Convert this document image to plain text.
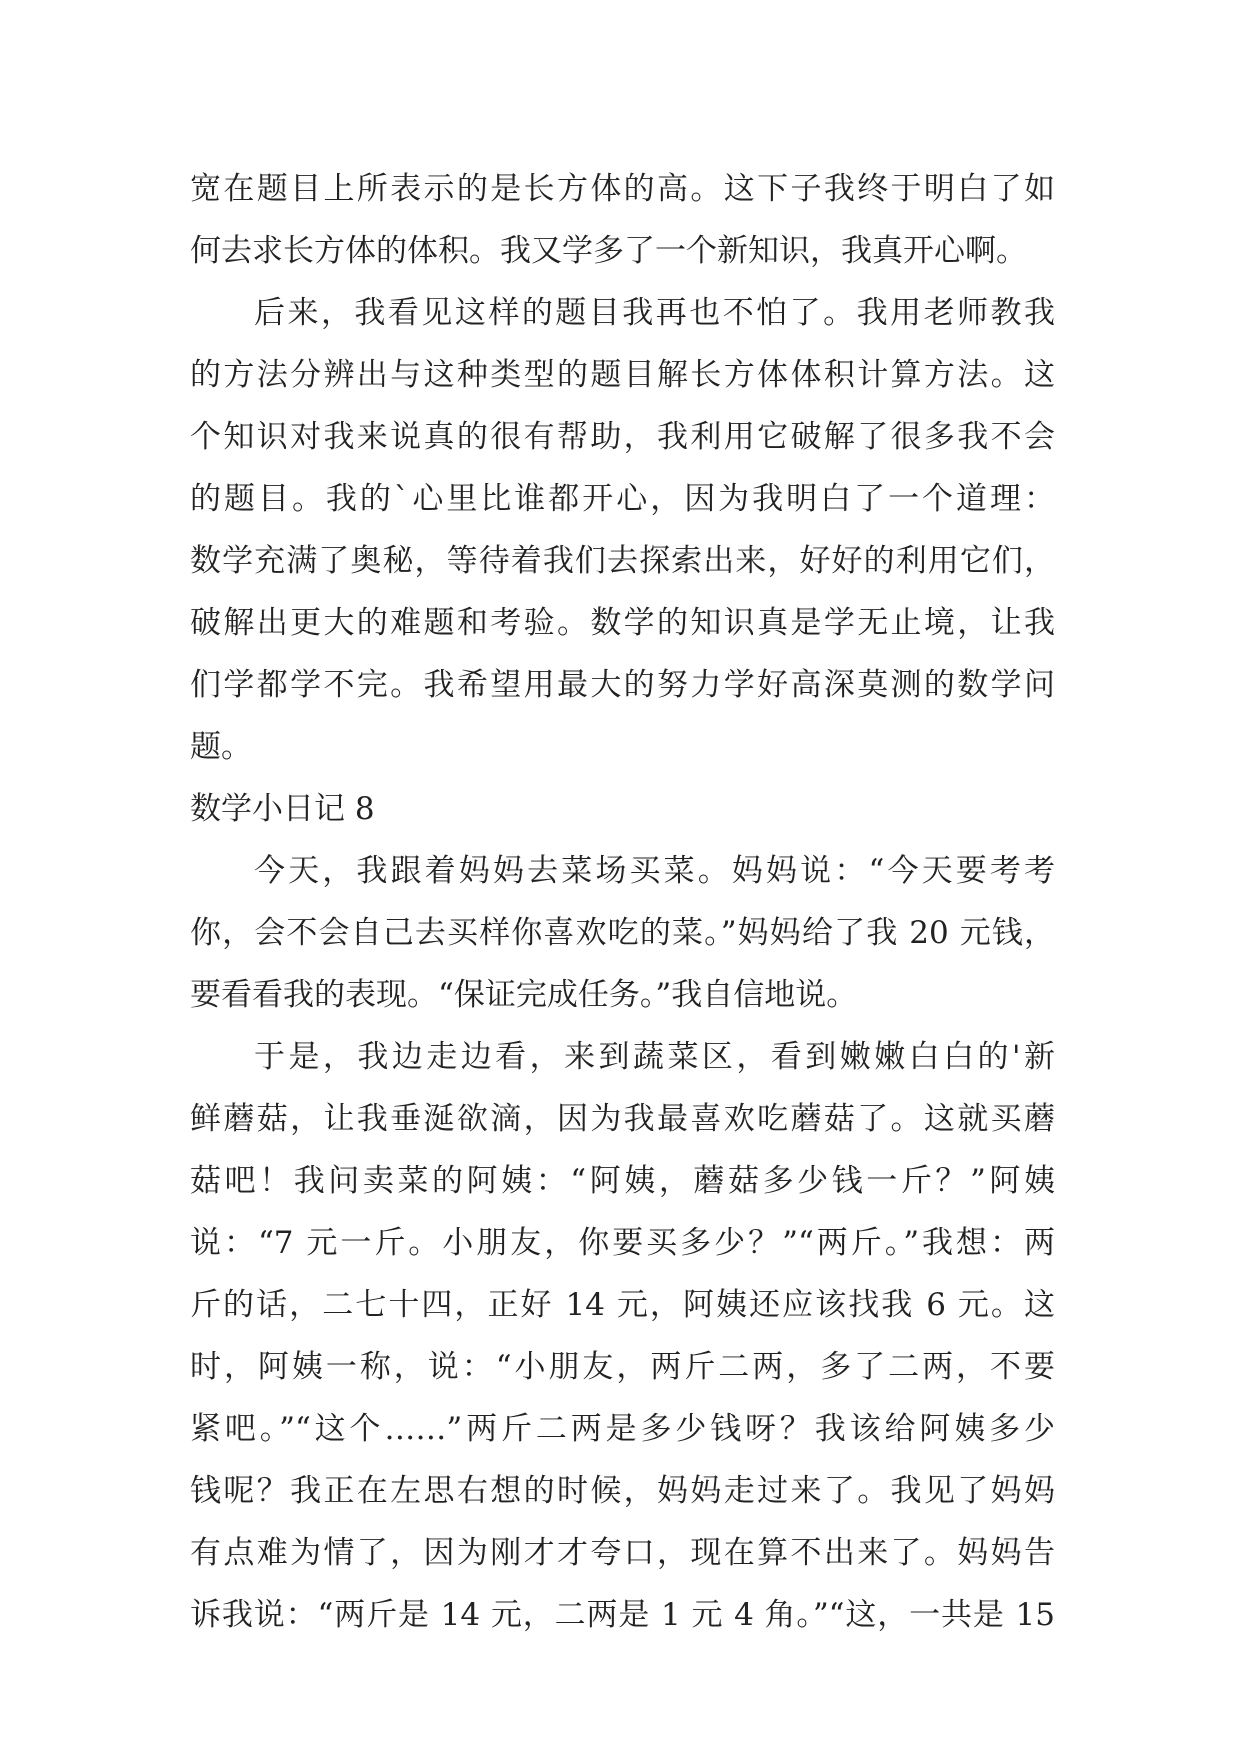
宽在题目上所表示的是长方体的高。这下子我终于明白了如
何去求长方体的体积。我又学多了一个新知识，我真开心啊。
后来，我看见这样的题目我再也不怕了。我用老师教我
的方法分辨出与这种类型的题目解长方体体积计算方法。这
个知识对我来说真的很有帮助，我利用它破解了很多我不会
的题目。我的`心里比谁都开心，因为我明白了一个道理：
数学充满了奥秘，等待着我们去探索出来，好好的利用它们，
破解出更大的难题和考验。数学的知识真是学无止境，让我
们学都学不完。我希望用最大的努力学好高深莫测的数学问
题。
数学小日记 8
今天，我跟着妈妈去菜场买菜。妈妈说：“今天要考考
你，会不会自己去买样你喜欢吃的菜。”妈妈给了我 20 元钱，
要看看我的表现。“保证完成任务。”我自信地说。
于是，我边走边看，来到蔬菜区，看到嫩嫩白白的'新
鲜蘑菇，让我垂涎欲滴，因为我最喜欢吃蘑菇了。这就买蘑
菇吧！我问卖菜的阿姨：“阿姨，蘑菇多少钱一斤？”阿姨
说：“7 元一斤。小朋友，你要买多少？”“两斤。”我想：两
斤的话，二七十四，正好 14 元，阿姨还应该找我 6 元。这
时，阿姨一称，说：“小朋友，两斤二两，多了二两，不要
紧吧。”“这个……”两斤二两是多少钱呀？我该给阿姨多少
钱呢？我正在左思右想的时候，妈妈走过来了。我见了妈妈
有点难为情了，因为刚才才夸口，现在算不出来了。妈妈告
诉我说：“两斤是 14 元，二两是 1 元 4 角。”“这，一共是 15
